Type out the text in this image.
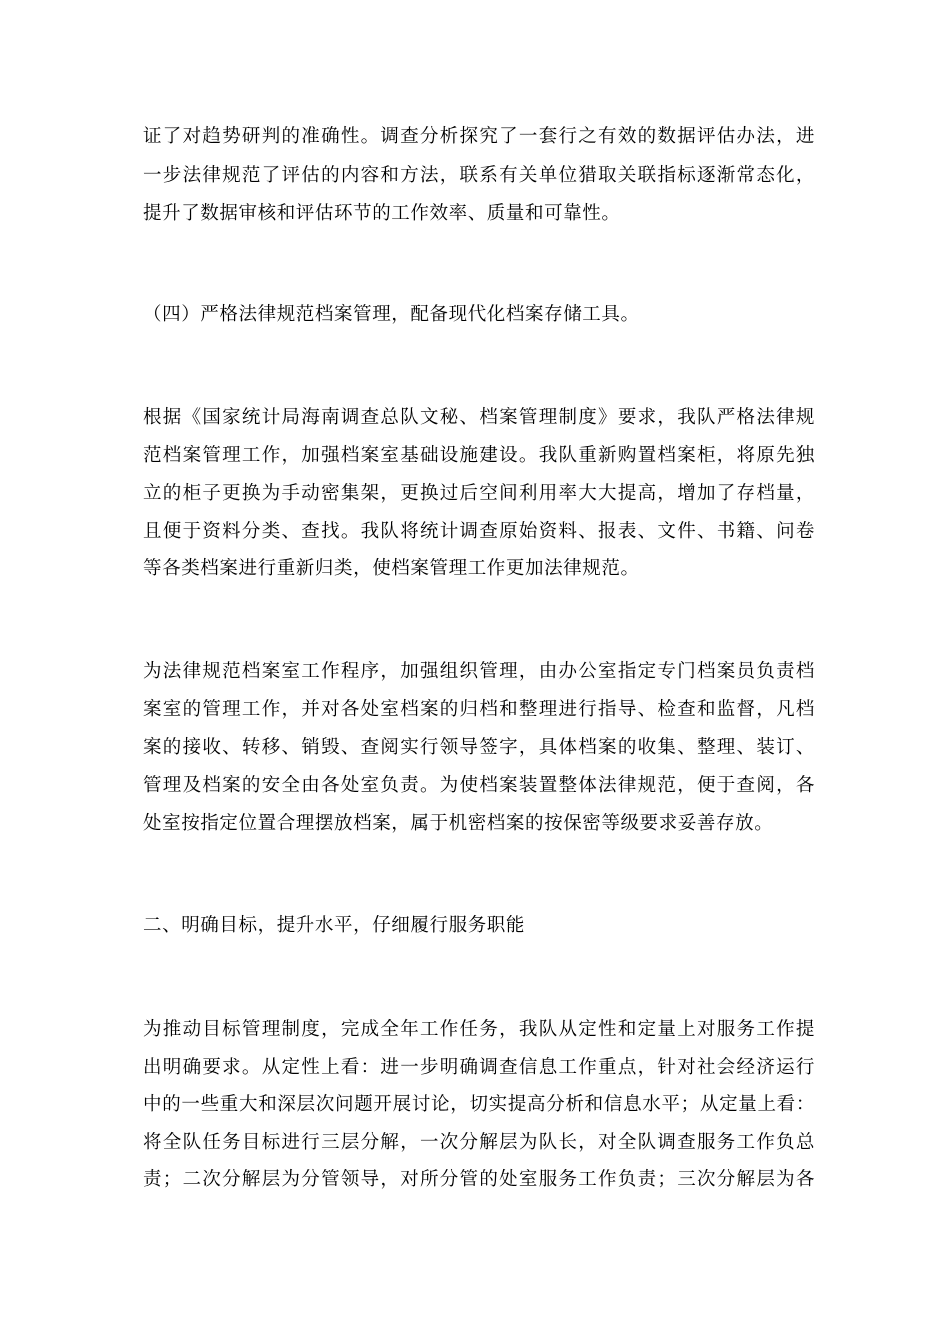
证了对趋势研判的准确性。调查分析探究了一套行之有效的数据评估办法，进
一步法律规范了评估的内容和方法，联系有关单位猎取关联指标逐渐常态化，
提升了数据审核和评估环节的工作效率、质量和可靠性。
（四）严格法律规范档案管理，配备现代化档案存储工具。
根据《国家统计局海南调查总队文秘、档案管理制度》要求，我队严格法律规
范档案管理工作，加强档案室基础设施建设。我队重新购置档案柜，将原先独
立的柜子更换为手动密集架，更换过后空间利用率大大提高，增加了存档量，
且便于资料分类、查找。我队将统计调查原始资料、报表、文件、书籍、问卷
等各类档案进行重新归类，使档案管理工作更加法律规范。
为法律规范档案室工作程序，加强组织管理，由办公室指定专门档案员负责档
案室的管理工作，并对各处室档案的归档和整理进行指导、检查和监督，凡档
案的接收、转移、销毁、查阅实行领导签字，具体档案的收集、整理、装订、
管理及档案的安全由各处室负责。为使档案装置整体法律规范，便于查阅，各
处室按指定位置合理摆放档案，属于机密档案的按保密等级要求妥善存放。
二、明确目标，提升水平，仔细履行服务职能
为推动目标管理制度，完成全年工作任务，我队从定性和定量上对服务工作提
出明确要求。从定性上看：进一步明确调查信息工作重点，针对社会经济运行
中的一些重大和深层次问题开展讨论，切实提高分析和信息水平；从定量上看：
将全队任务目标进行三层分解，一次分解层为队长，对全队调查服务工作负总
责；二次分解层为分管领导，对所分管的处室服务工作负责；三次分解层为各
